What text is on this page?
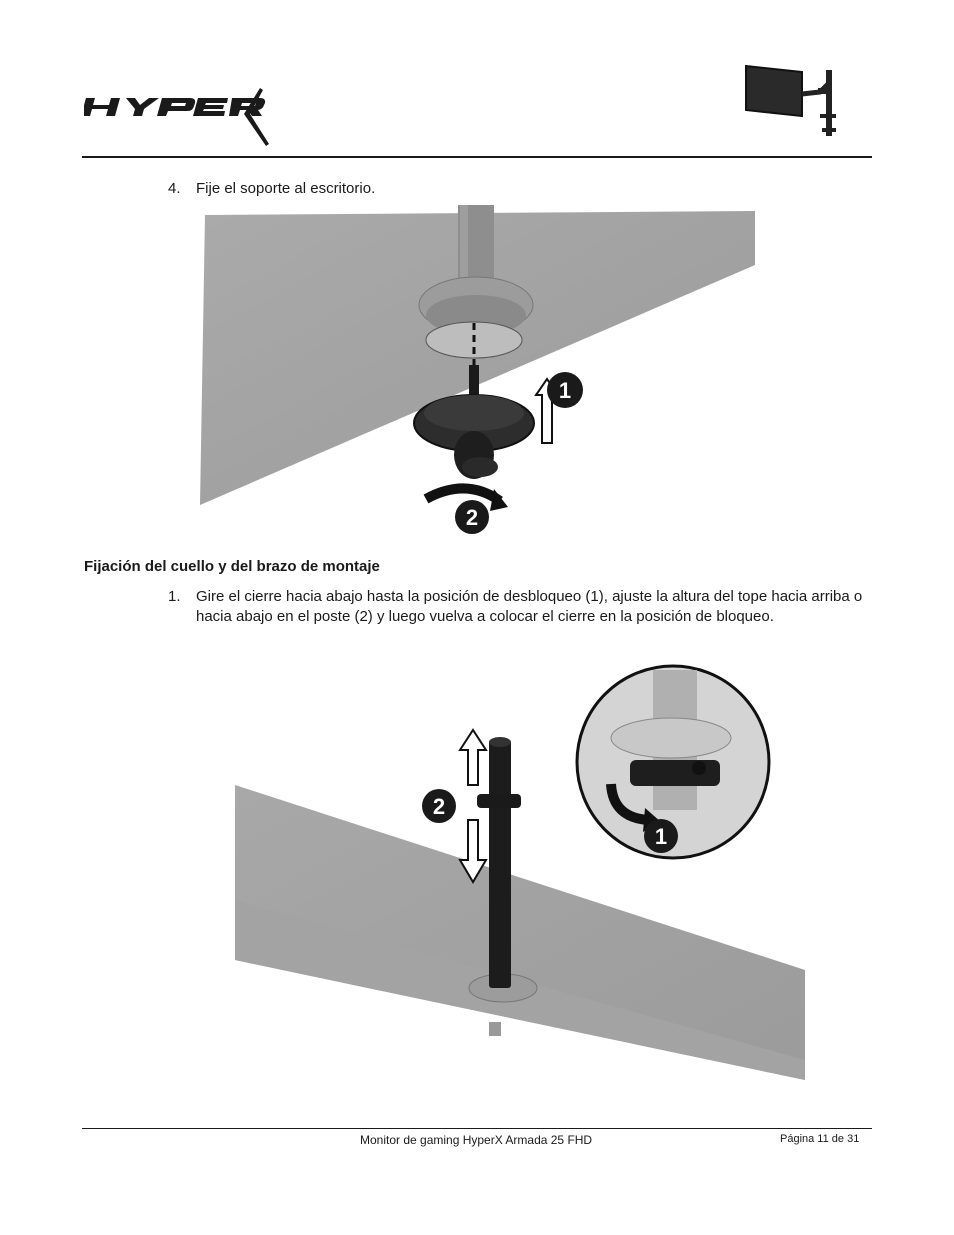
4.	Fije el soporte al escritorio.
1
2
Fijación del cuello y del brazo de montaje
1. Gire el cierre hacia abajo hasta la posición de desbloqueo (1), ajuste la altura del tope hacia arriba o hacia abajo en el poste (2) y luego vuelva a colocar el cierre en la posición de bloqueo.
2
1
Monitor de gaming HyperX Armada 25 FHD	Página 11 de 31
